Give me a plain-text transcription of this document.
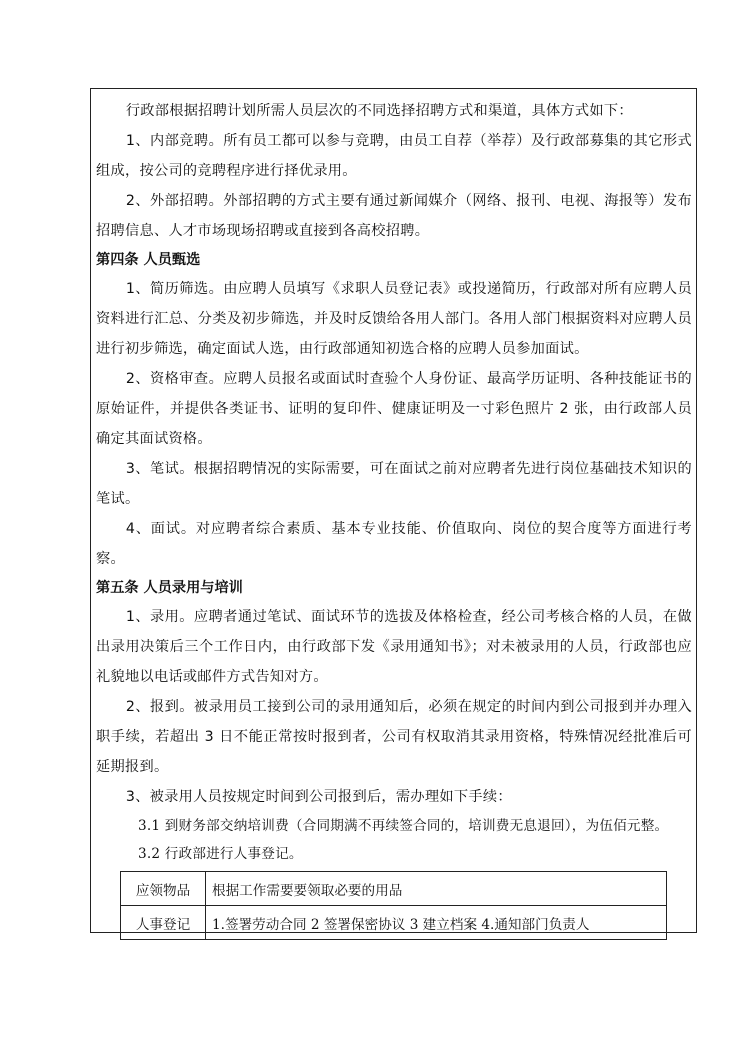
行政部根据招聘计划所需人员层次的不同选择招聘方式和渠道，具体方式如下：

1、内部竞聘。所有员工都可以参与竞聘，由员工自荐（举荐）及行政部募集的其它形式组成，按公司的竞聘程序进行择优录用。

2、外部招聘。外部招聘的方式主要有通过新闻媒介（网络、报刊、电视、海报等）发布招聘信息、人才市场现场招聘或直接到各高校招聘。

第四条 人员甄选

1、简历筛选。由应聘人员填写《求职人员登记表》或投递简历，行政部对所有应聘人员资料进行汇总、分类及初步筛选，并及时反馈给各用人部门。各用人部门根据资料对应聘人员进行初步筛选，确定面试人选，由行政部通知初选合格的应聘人员参加面试。

2、资格审查。应聘人员报名或面试时查验个人身份证、最高学历证明、各种技能证书的原始证件，并提供各类证书、证明的复印件、健康证明及一寸彩色照片 2 张，由行政部人员确定其面试资格。

3、笔试。根据招聘情况的实际需要，可在面试之前对应聘者先进行岗位基础技术知识的笔试。

4、面试。对应聘者综合素质、基本专业技能、价值取向、岗位的契合度等方面进行考察。

第五条 人员录用与培训

1、录用。应聘者通过笔试、面试环节的选拔及体格检查，经公司考核合格的人员，在做出录用决策后三个工作日内，由行政部下发《录用通知书》；对未被录用的人员，行政部也应礼貌地以电话或邮件方式告知对方。

2、报到。被录用员工接到公司的录用通知后，必须在规定的时间内到公司报到并办理入职手续，若超出 3 日不能正常按时报到者，公司有权取消其录用资格，特殊情况经批准后可延期报到。

3、被录用人员按规定时间到公司报到后，需办理如下手续：

3.1 到财务部交纳培训费（合同期满不再续签合同的，培训费无息退回），为伍佰元整。

3.2 行政部进行人事登记。

应领物品	根据工作需要要领取必要的用品
人事登记	1.签署劳动合同 2 签署保密协议 3 建立档案 4.通知部门负责人
